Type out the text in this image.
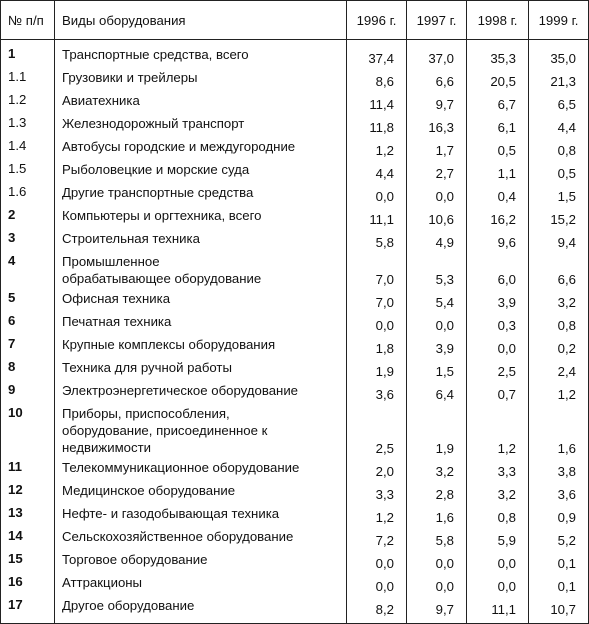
№ п/п	Виды оборудования	1996 г.	1997 г.	1998 г.	1999 г.
1	Транспортные средства, всего	37,4	37,0	35,3	35,0
1.1	Грузовики и трейлеры	8,6	6,6	20,5	21,3
1.2	Авиатехника	11,4	9,7	6,7	6,5
1.3	Железнодорожный транспорт	11,8	16,3	6,1	4,4
1.4	Автобусы городские и междугородние	1,2	1,7	0,5	0,8
1.5	Рыболовецкие и морские суда	4,4	2,7	1,1	0,5
1.6	Другие транспортные средства	0,0	0,0	0,4	1,5
2	Компьютеры и оргтехника, всего	11,1	10,6	16,2	15,2
3	Строительная техника	5,8	4,9	9,6	9,4
4	Промышленное обрабатывающее оборудование	7,0	5,3	6,0	6,6
5	Офисная техника	7,0	5,4	3,9	3,2
6	Печатная техника	0,0	0,0	0,3	0,8
7	Крупные комплексы оборудования	1,8	3,9	0,0	0,2
8	Техника для ручной работы	1,9	1,5	2,5	2,4
9	Электроэнергетическое оборудование	3,6	6,4	0,7	1,2
10	Приборы, приспособления, оборудование, присоединенное к недвижимости	2,5	1,9	1,2	1,6
11	Телекоммуникационное оборудование	2,0	3,2	3,3	3,8
12	Медицинское оборудование	3,3	2,8	3,2	3,6
13	Нефте- и газодобывающая техника	1,2	1,6	0,8	0,9
14	Сельскохозяйственное оборудование	7,2	5,8	5,9	5,2
15	Торговое оборудование	0,0	0,0	0,0	0,1
16	Аттракционы	0,0	0,0	0,0	0,1
17	Другое оборудование	8,2	9,7	11,1	10,7
